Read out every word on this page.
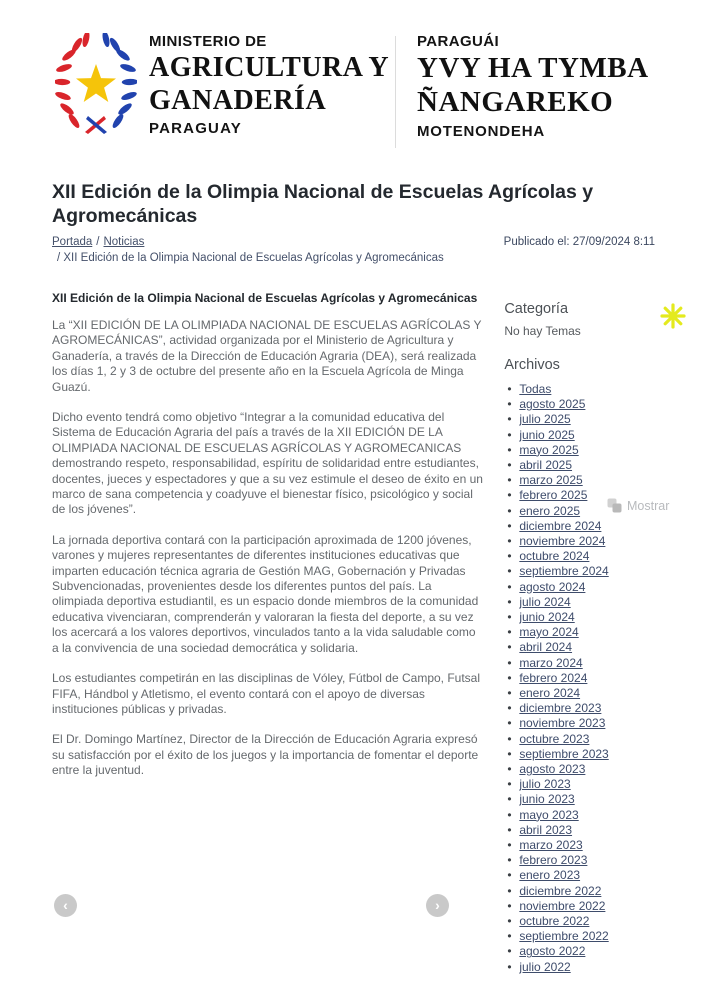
MINISTERIO DE
AGRICULTURA Y
GANADERÍA
PARAGUAY
PARAGUÁI
YVY HA TYMBA
ÑANGAREKO
MOTENONDEHA
XII Edición de la Olimpia Nacional de Escuelas Agrícolas y Agromecánicas
Portada / Noticias	Publicado el: 27/09/2024 8:11
/ XII Edición de la Olimpia Nacional de Escuelas Agrícolas y Agromecánicas
XII Edición de la Olimpia Nacional de Escuelas Agrícolas y Agromecánicas

La “XII EDICIÓN DE LA OLIMPIADA NACIONAL DE ESCUELAS AGRÍCOLAS Y AGROMECÁNICAS”, actividad organizada por el Ministerio de Agricultura y Ganadería, a través de la Dirección de Educación Agraria (DEA), será realizada los días 1, 2 y 3 de octubre del presente año en la Escuela Agrícola de Minga Guazú.

Dicho evento tendrá como objetivo “Integrar a la comunidad educativa del Sistema de Educación Agraria del país a través de la XII EDICIÓN DE LA OLIMPIADA NACIONAL DE ESCUELAS AGRÍCOLAS Y AGROMECANICAS demostrando respeto, responsabilidad, espíritu de solidaridad entre estudiantes, docentes, jueces y espectadores y que a su vez estimule el deseo de éxito en un marco de sana competencia y coadyuve el bienestar físico, psicológico y social de los jóvenes”.

La jornada deportiva contará con la participación aproximada de 1200 jóvenes, varones y mujeres representantes de diferentes instituciones educativas que imparten educación técnica agraria de Gestión MAG, Gobernación y Privadas Subvencionadas, provenientes desde los diferentes puntos del país. La olimpiada deportiva estudiantil, es un espacio donde miembros de la comunidad educativa vivenciaran, comprenderán y valoraran la fiesta del deporte, a su vez los acercará a los valores deportivos, vinculados tanto a la vida saludable como a la convivencia de una sociedad democrática y solidaria.

Los estudiantes competirán en las disciplinas de Vóley, Fútbol de Campo, Futsal FIFA, Hándbol y Atletismo, el evento contará con el apoyo de diversas instituciones públicas y privadas.

El Dr. Domingo Martínez, Director de la Dirección de Educación Agraria expresó su satisfacción por el éxito de los juegos y la importancia de fomentar el deporte entre la juventud.

Categoría
No hay Temas
Archivos
• Todas
• agosto 2025
• julio 2025
• junio 2025
• mayo 2025
• abril 2025
• marzo 2025
• febrero 2025
• enero 2025
• diciembre 2024
• noviembre 2024
• octubre 2024
• septiembre 2024
• agosto 2024
• julio 2024
• junio 2024
• mayo 2024
• abril 2024
• marzo 2024
• febrero 2024
• enero 2024
• diciembre 2023
• noviembre 2023
• octubre 2023
• septiembre 2023
• agosto 2023
• julio 2023
• junio 2023
• mayo 2023
• abril 2023
• marzo 2023
• febrero 2023
• enero 2023
• diciembre 2022
• noviembre 2022
• octubre 2022
• septiembre 2022
• agosto 2022
• julio 2022
‹	›
Mostrar
